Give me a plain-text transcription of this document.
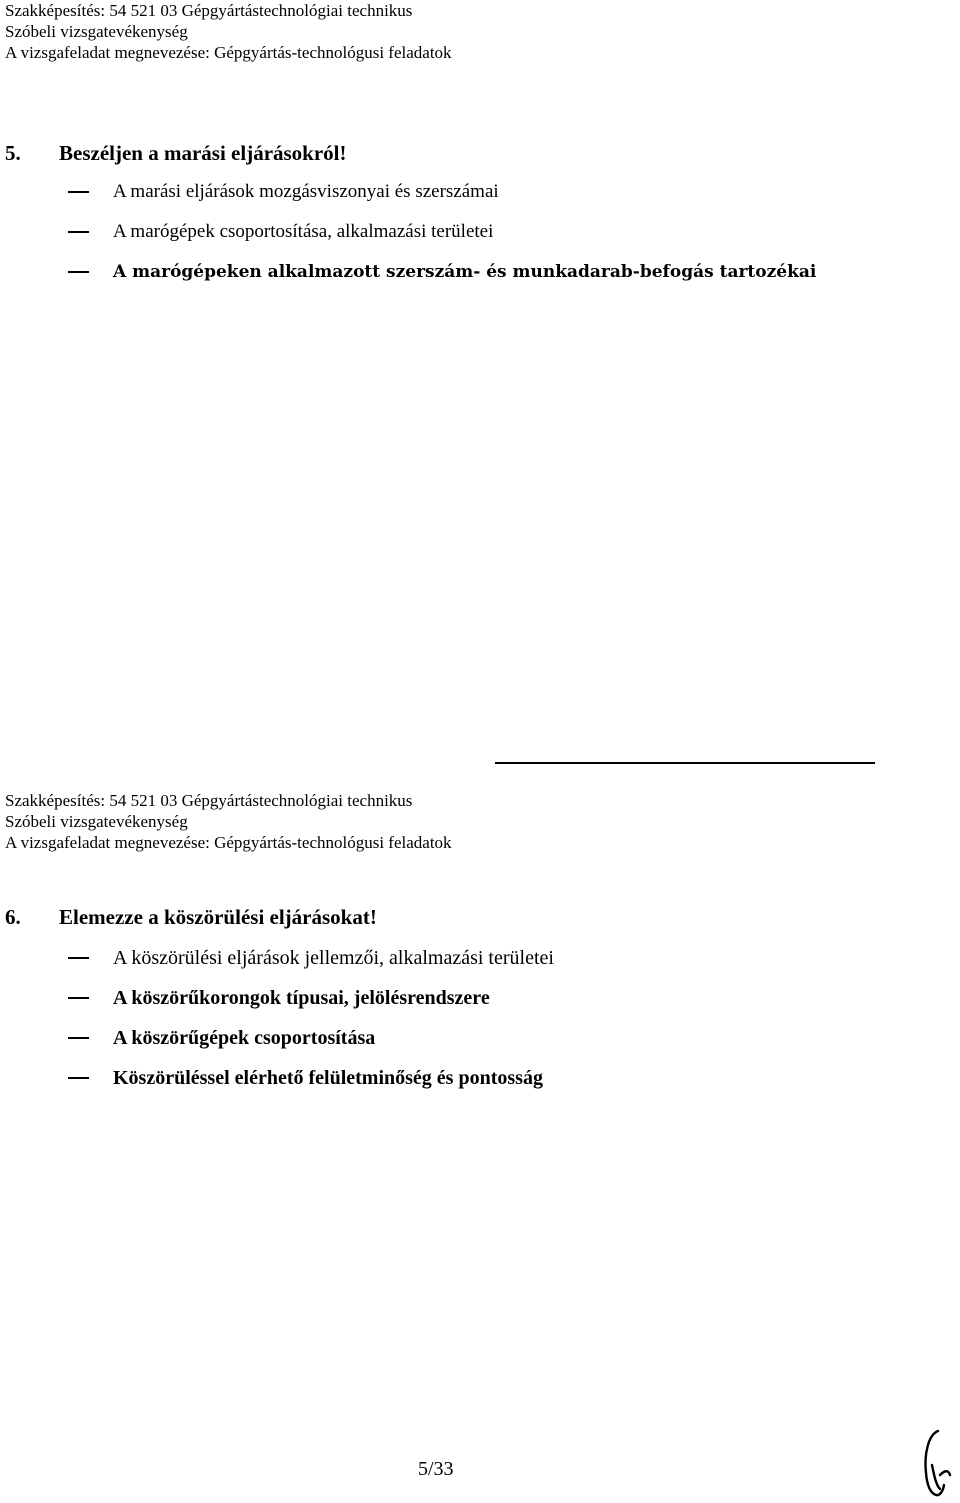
Szakképesítés: 54 521 03 Gépgyártástechnológiai technikus
Szóbeli vizsgatevékenység
A vizsgafeladat megnevezése: Gépgyártás-technológusi feladatok
5. Beszéljen a marási eljárásokról!
A marási eljárások mozgásviszonyai és szerszámai
A marógépek csoportosítása, alkalmazási területei
A marógépeken alkalmazott szerszám- és munkadarab-befogás tartozékai
Szakképesítés: 54 521 03 Gépgyártástechnológiai technikus
Szóbeli vizsgatevékenység
A vizsgafeladat megnevezése: Gépgyártás-technológusi feladatok
6. Elemezze a köszörülési eljárásokat!
A köszörülési eljárások jellemzői, alkalmazási területei
A köszörűkorongok típusai, jelölésrendszere
A köszörűgépek csoportosítása
Köszörüléssel elérhető felületminőség és pontosság
5/33
